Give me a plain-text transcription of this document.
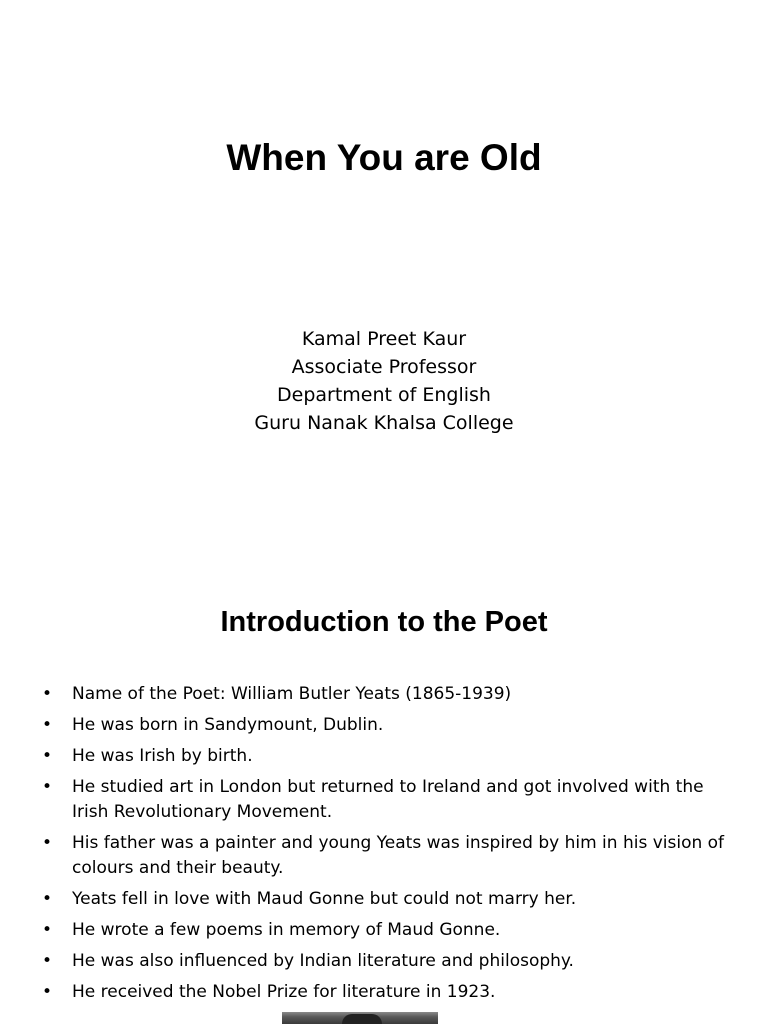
When You are Old
Kamal Preet Kaur
Associate Professor
Department of English
Guru Nanak Khalsa College
Introduction to the Poet
• Name of the Poet: William Butler Yeats (1865-1939)
• He was born in Sandymount, Dublin.
• He was Irish by birth.
• He studied art in London but returned to Ireland and got involved with the Irish Revolutionary Movement.
• His father was a painter and young Yeats was inspired by him in his vision of colours and their beauty.
• Yeats fell in love with Maud Gonne but could not marry her.
• He wrote a few poems in memory of Maud Gonne.
• He was also influenced by Indian literature and philosophy.
• He received the Nobel Prize for literature in 1923.
